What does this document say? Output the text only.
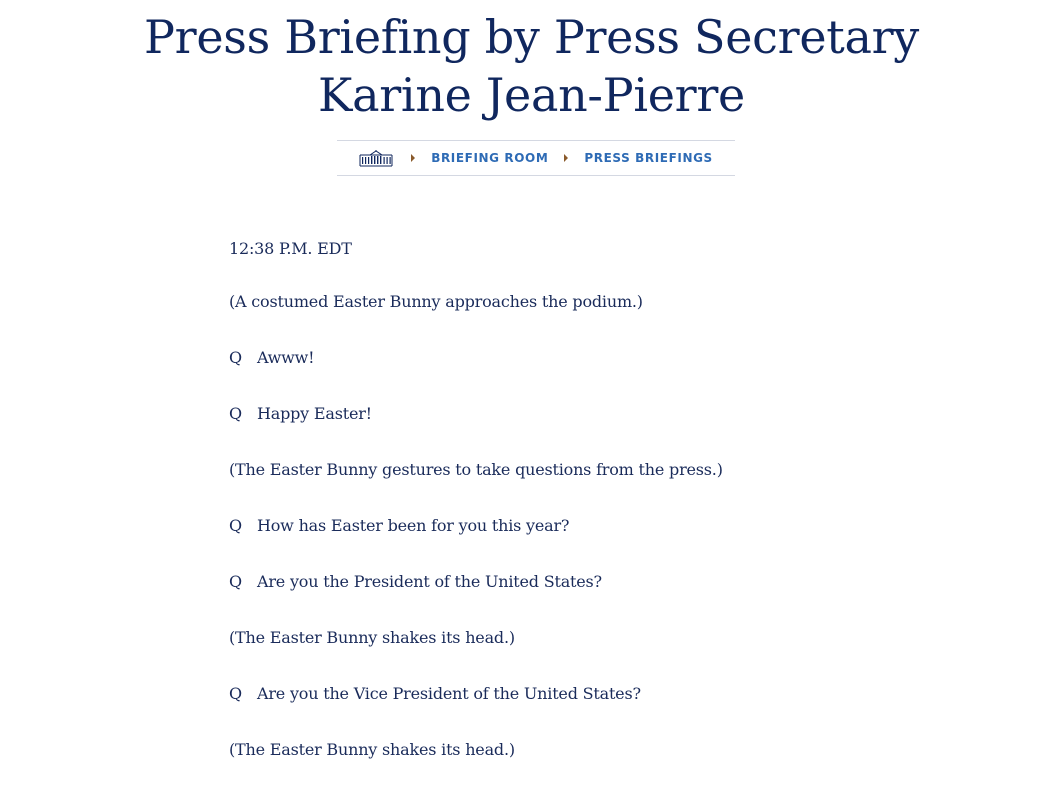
Press Briefing by Press Secretary
Karine Jean-Pierre
BRIEFING ROOM	PRESS BRIEFINGS

12:38 P.M. EDT

(A costumed Easter Bunny approaches the podium.)

Q Awww!

Q Happy Easter!

(The Easter Bunny gestures to take questions from the press.)

Q How has Easter been for you this year?

Q Are you the President of the United States?

(The Easter Bunny shakes its head.)

Q Are you the Vice President of the United States?

(The Easter Bunny shakes its head.)
